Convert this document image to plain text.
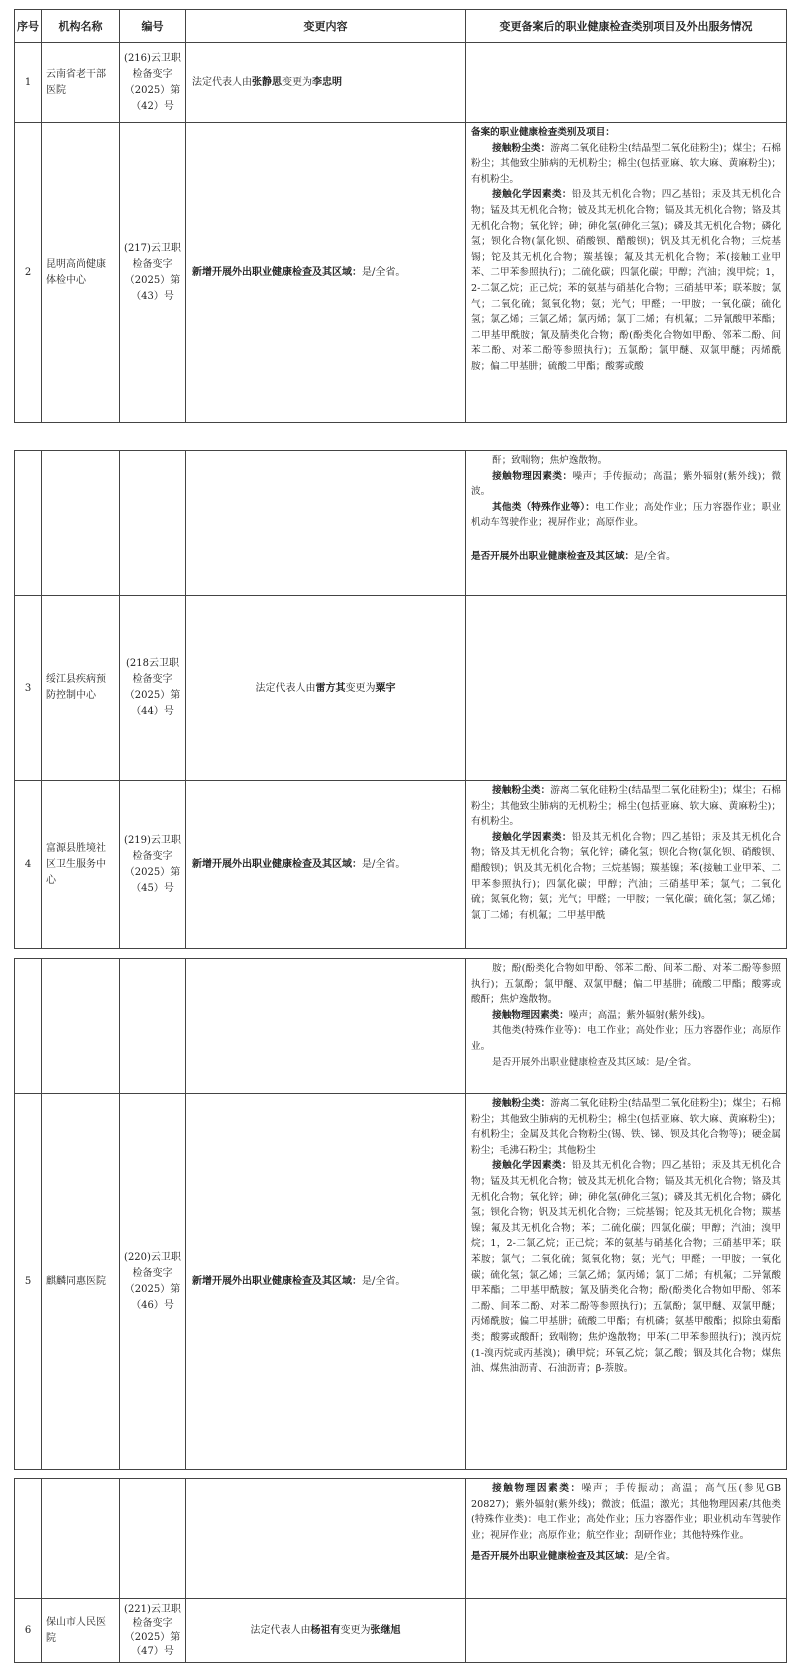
序号	机构名称	编号	变更内容	变更备案后的职业健康检查类别项目及外出服务情况
1	云南省老干部医院	(216)云卫职检备变字（2025）第（42）号	法定代表人由张静思变更为李忠明	
2	昆明高尚健康体检中心	(217)云卫职检备变字（2025）第（43）号	新增开展外出职业健康检查及其区域：是/全省。	备案的职业健康检查类别及项目：

接触粉尘类：游离二氧化硅粉尘(结晶型二氧化硅粉尘)；煤尘；石棉粉尘；其他致尘肺病的无机粉尘；棉尘(包括亚麻、软大麻、黄麻粉尘)；有机粉尘。

接触化学因素类：铅及其无机化合物；四乙基铅；汞及其无机化合物；锰及其无机化合物；铍及其无机化合物；镉及其无机化合物；铬及其无机化合物；氧化锌；砷；砷化氢(砷化三氢)；磷及其无机化合物；磷化氢；钡化合物(氯化钡、硝酸钡、醋酸钡)；钒及其无机化合物；三烷基锡；铊及其无机化合物；羰基镍；氟及其无机化合物；苯(接触工业甲苯、二甲苯参照执行)；二硫化碳；四氯化碳；甲醇；汽油；溴甲烷；1，2-二氯乙烷；正己烷；苯的氨基与硝基化合物；三硝基甲苯；联苯胺；氯气；二氧化硫；氮氧化物；氨；光气；甲醛；一甲胺；一氧化碳；硫化氢；氯乙烯；三氯乙烯；氯丙烯；氯丁二烯；有机氟；二异氰酸甲苯酯；二甲基甲酰胺；氰及腈类化合物；酚(酚类化合物如甲酚、邻苯二酚、间苯二酚、对苯二酚等参照执行)；五氯酚；氯甲醚、双氯甲醚；丙烯酰胺；偏二甲基肼；硫酸二甲酯；酸雾或酸

				酐；致喘物；焦炉逸散物。

接触物理因素类：噪声；手传振动；高温；紫外辐射(紫外线)；微波。

其他类（特殊作业等）：电工作业；高处作业；压力容器作业；职业机动车驾驶作业；视屏作业；高原作业。

是否开展外出职业健康检查及其区域：是/全省。

3	绥江县疾病预防控制中心	(218云卫职检备变字（2025）第（44）号	法定代表人由雷方其变更为粟宇	
4	富源县胜境社区卫生服务中心	(219)云卫职检备变字（2025）第（45）号	新增开展外出职业健康检查及其区域：是/全省。	接触粉尘类：游离二氧化硅粉尘(结晶型二氧化硅粉尘)；煤尘；石棉粉尘；其他致尘肺病的无机粉尘；棉尘(包括亚麻、软大麻、黄麻粉尘)；有机粉尘。

接触化学因素类：铅及其无机化合物；四乙基铅；汞及其无机化合物；铬及其无机化合物；氧化锌；磷化氢；钡化合物(氯化钡、硝酸钡、醋酸钡)；钒及其无机化合物；三烷基锡；羰基镍；苯(接触工业甲苯、二甲苯参照执行)；四氯化碳；甲醇；汽油；三硝基甲苯；氯气；二氧化硫；氮氧化物；氨；光气；甲醛；一甲胺；一氧化碳；硫化氢；氯乙烯；氯丁二烯；有机氟；二甲基甲酰

				胺；酚(酚类化合物如甲酚、邻苯二酚、间苯二酚、对苯二酚等参照执行)；五氯酚；氯甲醚、双氯甲醚；偏二甲基肼；硫酸二甲酯；酸雾或酸酐；焦炉逸散物。

接触物理因素类：噪声；高温；紫外辐射(紫外线)。

其他类(特殊作业等)：电工作业；高处作业；压力容器作业；高原作业。

是否开展外出职业健康检查及其区域：是/全省。

5	麒麟同惠医院	(220)云卫职检备变字（2025）第（46）号	新增开展外出职业健康检查及其区域：是/全省。	接触粉尘类：游离二氧化硅粉尘(结晶型二氧化硅粉尘)；煤尘；石棉粉尘；其他致尘肺病的无机粉尘；棉尘(包括亚麻、软大麻、黄麻粉尘)；有机粉尘；金属及其化合物粉尘(锡、铁、锑、钡及其化合物等)；硬金属粉尘；毛沸石粉尘；其他粉尘

接触化学因素类：铅及其无机化合物；四乙基铅；汞及其无机化合物；锰及其无机化合物；铍及其无机化合物；镉及其无机化合物；铬及其无机化合物；氧化锌；砷；砷化氢(砷化三氢)；磷及其无机化合物；磷化氢；钡化合物；钒及其无机化合物；三烷基锡；铊及其无机化合物；羰基镍；氟及其无机化合物；苯；二硫化碳；四氯化碳；甲醇；汽油；溴甲烷；1，2-二氯乙烷；正己烷；苯的氨基与硝基化合物；三硝基甲苯；联苯胺；氯气；二氧化硫；氮氧化物；氨；光气；甲醛；一甲胺；一氧化碳；硫化氢；氯乙烯；三氯乙烯；氯丙烯；氯丁二烯；有机氟；二异氰酸甲苯酯；二甲基甲酰胺；氰及腈类化合物；酚(酚类化合物如甲酚、邻苯二酚、间苯二酚、对苯二酚等参照执行)；五氯酚；氯甲醚、双氯甲醚；丙烯酰胺；偏二甲基肼；硫酸二甲酯；有机磷；氨基甲酸酯；拟除虫菊酯类；酸雾或酸酐；致喘物；焦炉逸散物；甲苯(二甲苯参照执行)；溴丙烷(1-溴丙烷或丙基溴)；碘甲烷；环氧乙烷；氯乙酸；铟及其化合物；煤焦油、煤焦油沥青、石油沥青；β-萘胺。

				接触物理因素类：噪声；手传振动；高温；高气压(参见GB 20827)；紫外辐射(紫外线)；微波；低温；激光；其他物理因素/其他类(特殊作业类)：电工作业；高处作业；压力容器作业；职业机动车驾驶作业；视屏作业；高原作业；航空作业；刮研作业；其他特殊作业。

是否开展外出职业健康检查及其区域：是/全省。

6	保山市人民医院	(221)云卫职检备变字（2025）第（47）号	法定代表人由杨祖有变更为张继旭	
